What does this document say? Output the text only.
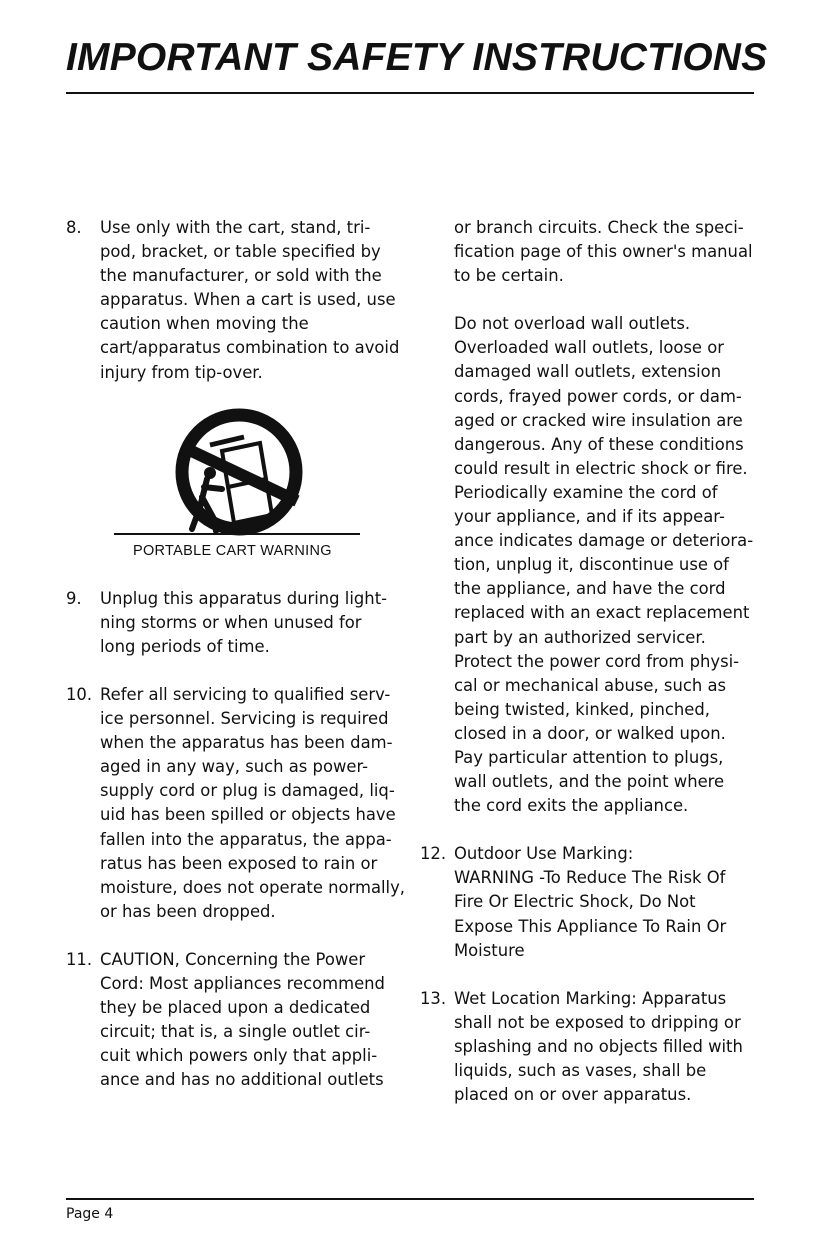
IMPORTANT SAFETY INSTRUCTIONS
8. Use only with the cart, stand, tri-

pod, bracket, or table specified by

the manufacturer, or sold with the

apparatus. When a cart is used, use

caution when moving the

cart/apparatus combination to avoid

injury from tip-over.

PORTABLE CART WARNING
9. Unplug this apparatus during light-

ning storms or when unused for

long periods of time.

10. Refer all servicing to qualified serv-

ice personnel. Servicing is required

when the apparatus has been dam-

aged in any way, such as power-

supply cord or plug is damaged, liq-

uid has been spilled or objects have

fallen into the apparatus, the appa-

ratus has been exposed to rain or

moisture, does not operate normally,

or has been dropped.

11. CAUTION, Concerning the Power

Cord: Most appliances recommend

they be placed upon a dedicated

circuit; that is, a single outlet cir-

cuit which powers only that appli-

ance and has no additional outlets

or branch circuits. Check the speci-

fication page of this owner's manual

to be certain.

Do not overload wall outlets.

Overloaded wall outlets, loose or

damaged wall outlets, extension

cords, frayed power cords, or dam-

aged or cracked wire insulation are

dangerous. Any of these conditions

could result in electric shock or fire.

Periodically examine the cord of

your appliance, and if its appear-

ance indicates damage or deteriora-

tion, unplug it, discontinue use of

the appliance, and have the cord

replaced with an exact replacement

part by an authorized servicer.

Protect the power cord from physi-

cal or mechanical abuse, such as

being twisted, kinked, pinched,

closed in a door, or walked upon.

Pay particular attention to plugs,

wall outlets, and the point where

the cord exits the appliance.

12. Outdoor Use Marking:

WARNING -To Reduce The Risk Of

Fire Or Electric Shock, Do Not

Expose This Appliance To Rain Or

Moisture

13. Wet Location Marking: Apparatus

shall not be exposed to dripping or

splashing and no objects filled with

liquids, such as vases, shall be

placed on or over apparatus.

Page 4
